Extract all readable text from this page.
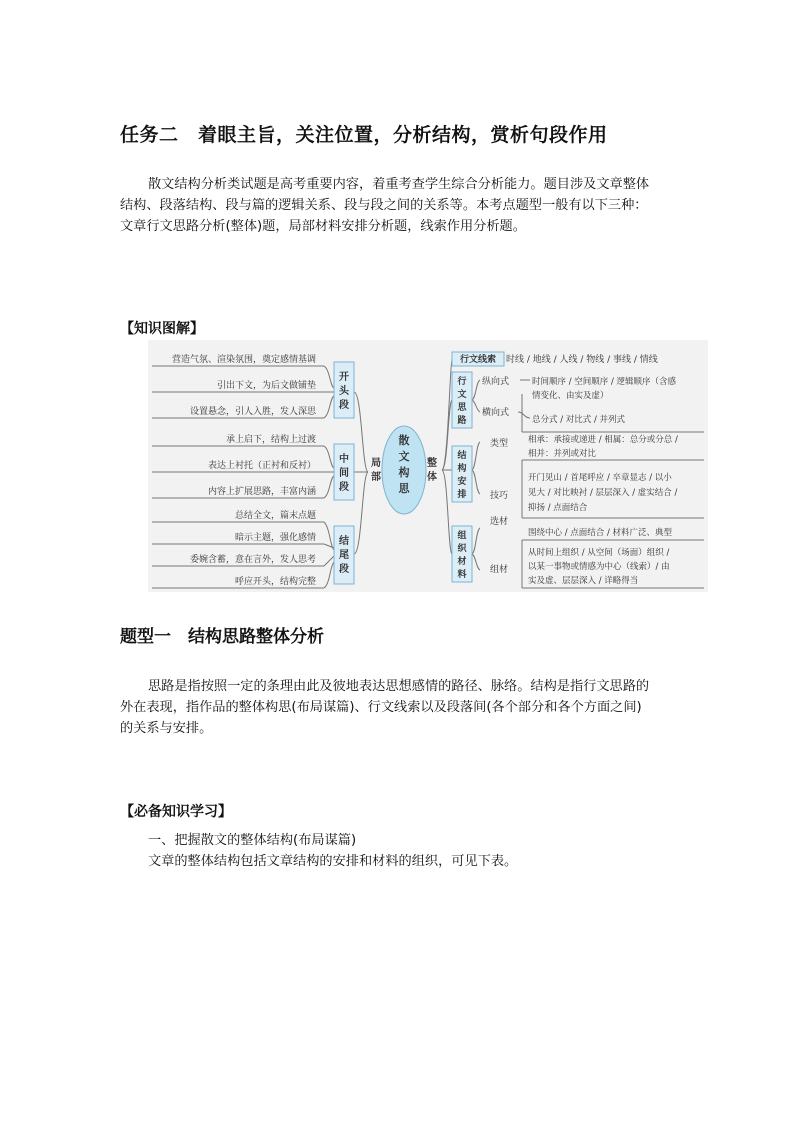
任务二　着眼主旨，关注位置，分析结构，赏析句段作用

散文结构分析类试题是高考重要内容，着重考查学生综合分析能力。题目涉及文章整体

结构、段落结构、段与篇的逻辑关系、段与段之间的关系等。本考点题型一般有以下三种：

文章行文思路分析(整体)题，局部材料安排分析题，线索作用分析题。

【知识图解】
营造气氛、渲染氛围，奠定感情基调
引出下文，为后文做铺垫
设置悬念，引人入胜，发人深思
承上启下，结构上过渡
表达上衬托（正衬和反衬）
内容上扩展思路，丰富内涵
总结全文，篇末点题
暗示主题，强化感情
委婉含蓄，意在言外，发人思考
呼应开头，结构完整
开
头
段
中
间
段
结
尾
段
局
部
散
文
构
思
整
体
行文线索 时线 / 地线 / 人线 / 物线 / 事线 / 情线
行
文
思
路
纵向式	时间顺序 / 空间顺序 / 逻辑顺序（含感
情变化、由实及虚）
横向式
总分式 / 对比式 / 并列式
结
构
安
排
类型 相承：承接或递进 / 相属：总分或分总 /
相并：并列或对比
技巧
开门见山 / 首尾呼应 / 卒章显志 / 以小
见大 / 对比映衬 / 层层深入 / 虚实结合 /
抑扬 / 点面结合
组
织
材
料
选材
围绕中心 / 点面结合 / 材料广泛、典型
组材
从时间上组织 / 从空间（场面）组织 /
以某一事物或情感为中心（线索）/ 由
实及虚、层层深入 / 详略得当
题型一　结构思路整体分析

思路是指按照一定的条理由此及彼地表达思想感情的路径、脉络。结构是指行文思路的

外在表现，指作品的整体构思(布局谋篇)、行文线索以及段落间(各个部分和各个方面之间)

的关系与安排。

【必备知识学习】
一、把握散文的整体结构(布局谋篇)
文章的整体结构包括文章结构的安排和材料的组织，可见下表。
